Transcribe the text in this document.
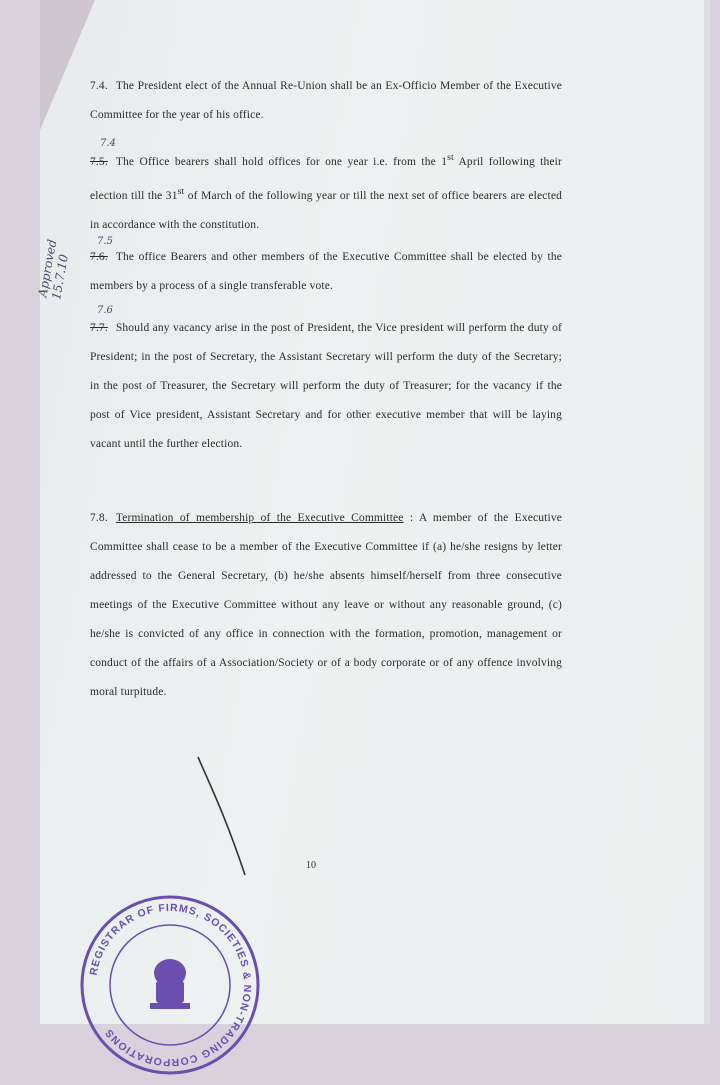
7.4. The President elect of the Annual Re-Union shall be an Ex-Officio Member of the Executive Committee for the year of his office.
7.4
7.5. The Office bearers shall hold offices for one year i.e. from the 1st April following their election till the 31st of March of the following year or till the next set of office bearers are elected in accordance with the constitution.
7.5
7.6. The office Bearers and other members of the Executive Committee shall be elected by the members by a process of a single transferable vote.
7.6
7.7. Should any vacancy arise in the post of President, the Vice president will perform the duty of President; in the post of Secretary, the Assistant Secretary will perform the duty of the Secretary; in the post of Treasurer, the Secretary will perform the duty of Treasurer; for the vacancy if the post of Vice president, Assistant Secretary and for other executive member that will be laying vacant until the further election.
7.8. Termination of membership of the Executive Committee : A member of the Executive Committee shall cease to be a member of the Executive Committee if (a) he/she resigns by letter addressed to the General Secretary, (b) he/she absents himself/herself from three consecutive meetings of the Executive Committee without any leave or without any reasonable ground, (c) he/she is convicted of any office in connection with the formation, promotion, management or conduct of the affairs of a Association/Society or of a body corporate or of any offence involving moral turpitude.
Approved 15.7.10
10
REGISTRAR OF FIRMS, SOCIETIES & NON-TRADING CORPORATIONS
